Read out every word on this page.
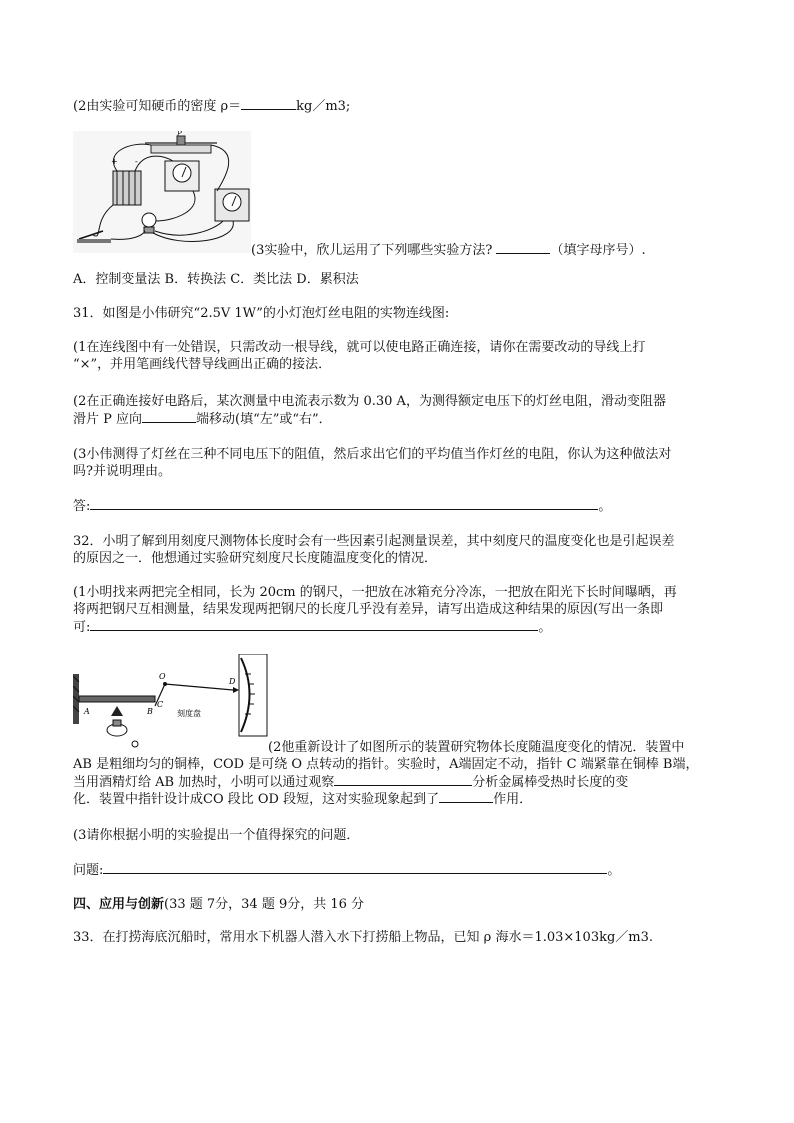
(2由实验可知硬币的密度 ρ＝	kg／m3;
P
+ -
(3实验中，欣儿运用了下列哪些实验方法?	（填字母序号）.
A．控制变量法 B．转换法 C．类比法 D．累积法
31．如图是小伟研究“2.5V 1W”的小灯泡灯丝电阻的实物连线图:
(1在连线图中有一处错误，只需改动一根导线，就可以使电路正确连接，请你在需要改动的导线上打
“×”，并用笔画线代替导线画出正确的接法．
(2在正确连接好电路后，某次测量中电流表示数为 0.30 A，为测得额定电压下的灯丝电阻，滑动变阻器
滑片 P 应向	端移动(填“左”或“右”．
(3小伟测得了灯丝在三种不同电压下的阻值，然后求出它们的平均值当作灯丝的电阻，你认为这种做法对
吗?并说明理由。
答:	。
32．小明了解到用刻度尺测物体长度时会有一些因素引起测量误差，其中刻度尺的温度变化也是引起误差
的原因之一．他想通过实验研究刻度尺长度随温度变化的情况．
(1小明找来两把完全相同，长为 20cm 的钢尺，一把放在冰箱充分冷冻，一把放在阳光下长时间曝晒，再
将两把钢尺互相测量，结果发现两把钢尺的长度几乎没有差异，请写出造成这种结果的原因(写出一条即
可:	。
A	B
C
O
D
刻度盘
(2他重新设计了如图所示的装置研究物体长度随温度变化的情况．装置中
AB 是粗细均匀的铜棒，COD 是可绕 O 点转动的指针。实验时，A端固定不动，指针 C 端紧靠在铜棒 B端，
当用酒精灯给 AB 加热时，小明可以通过观察	分析金属棒受热时长度的变
化．装置中指针设计成CO 段比 OD 段短，这对实验现象起到了	作用．
(3请你根据小明的实验提出一个值得探究的问题．
问题:	。
四、应用与创新(33 题 7分，34 题 9分，共 16 分
33．在打捞海底沉船时，常用水下机器人潜入水下打捞船上物品，已知 ρ 海水＝1.03×103kg／m3.
